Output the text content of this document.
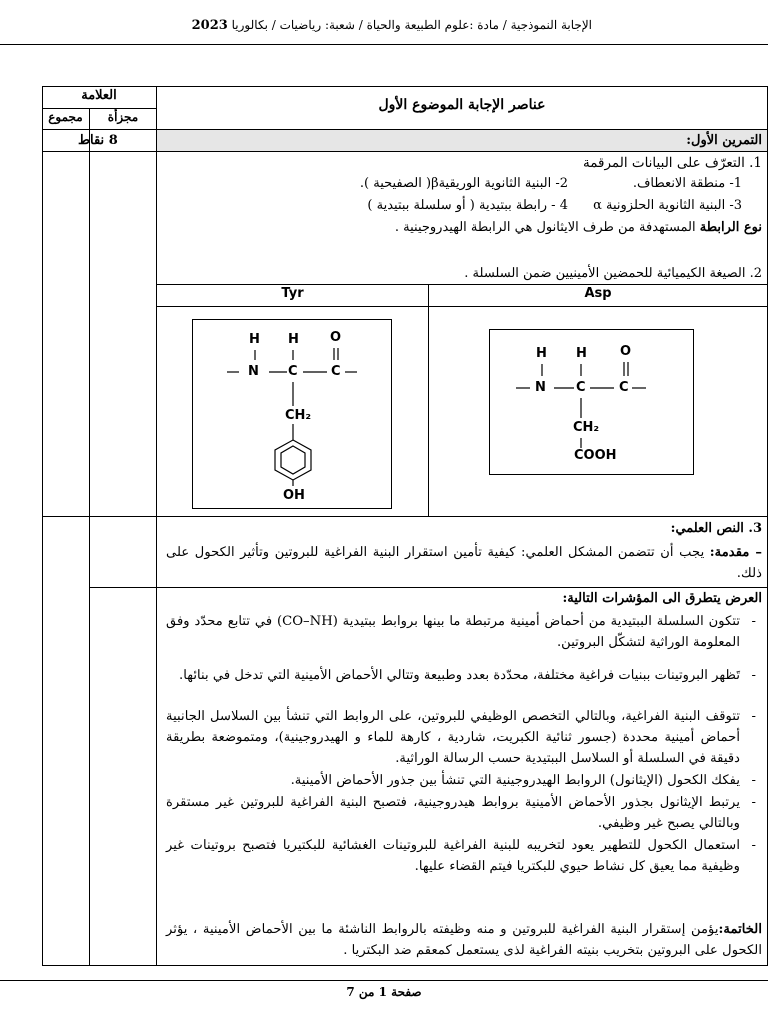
الإجابة النموذجية / مادة :علوم الطبيعة والحياة / شعبة: رياضيات / بكالوريا 2023
عناصر الإجابة الموضوع الأول
العلامة
مجزأة
مجموع
التمرين الأول:
8 نقاط
1. التعرّف على البيانات المرقمة
1- منطقة الانعطاف.
2- البنية الثانوية الوريقيةβ( الصفيحية ).
3- البنية الثانوية الحلزونية α
4 - رابطة ببتيدية ( أو سلسلة ببتيدية )
نوع الرابطة المستهدفة من طرف الايثانول هي الرابطة الهيدروجينية .
2. الصيغة الكيميائية للحمضين الأمينيين ضمن السلسلة .
Tyr	Asp
H H O
N C	C
CH₂
OH
H H	O
N C	C
CH₂
COOH
3. النص العلمي:
– مقدمة: يجب أن تتضمن المشكل العلمي: كيفية تأمين استقرار البنية الفراغية للبروتين وتأثير الكحول على ذلك.
العرض يتطرق الى المؤشرات التالية:
- تتكون السلسلة الببتيدية من أحماض أمينية مرتبطة ما بينها بروابط ببتيدية (CO–NH) في تتابع محدّد وفق المعلومة الوراثية لتشكّل البروتين.
- تَظهر البروتينات ببنيات فراغية مختلفة، محدّدة بعدد وطبيعة وتتالي الأحماض الأمينية التي تدخل في بنائها.
- تتوقف البنية الفراغية، وبالتالي التخصص الوظيفي للبروتين، على الروابط التي تنشأ بين السلاسل الجانبية أحماض أمينية محددة (جسور ثنائية الكبريت، شاردية ، كارهة للماء و الهيدروجينية)، ومتموضعة بطريقة دقيقة في السلسلة أو السلاسل الببتيدية حسب الرسالة الوراثية.
- يفكك الكحول (الإيثانول) الروابط الهيدروجينية التي تنشأ بين جذور الأحماض الأمينية.
- يرتبط الإيثانول بجذور الأحماض الأمينية بروابط هيدروجينية، فتصبح البنية الفراغية للبروتين غير مستقرة وبالتالي يصبح غير وظيفي.
- استعمال الكحول للتطهير يعود لتخريبه للبنية الفراغية للبروتينات الغشائية للبكتيريا فتصبح بروتينات غير وظيفية مما يعيق كل نشاط حيوي للبكتريا فيتم القضاء عليها.
الخاتمة:يؤمن إستقرار البنية الفراغية للبروتين و منه وظيفته بالروابط الناشئة ما بين الأحماض الأمينية ، يؤثر الكحول على البروتين بتخريب بنيته الفراغية لذى يستعمل كمعقم ضد البكتريا .
صفحة 1 من 7
